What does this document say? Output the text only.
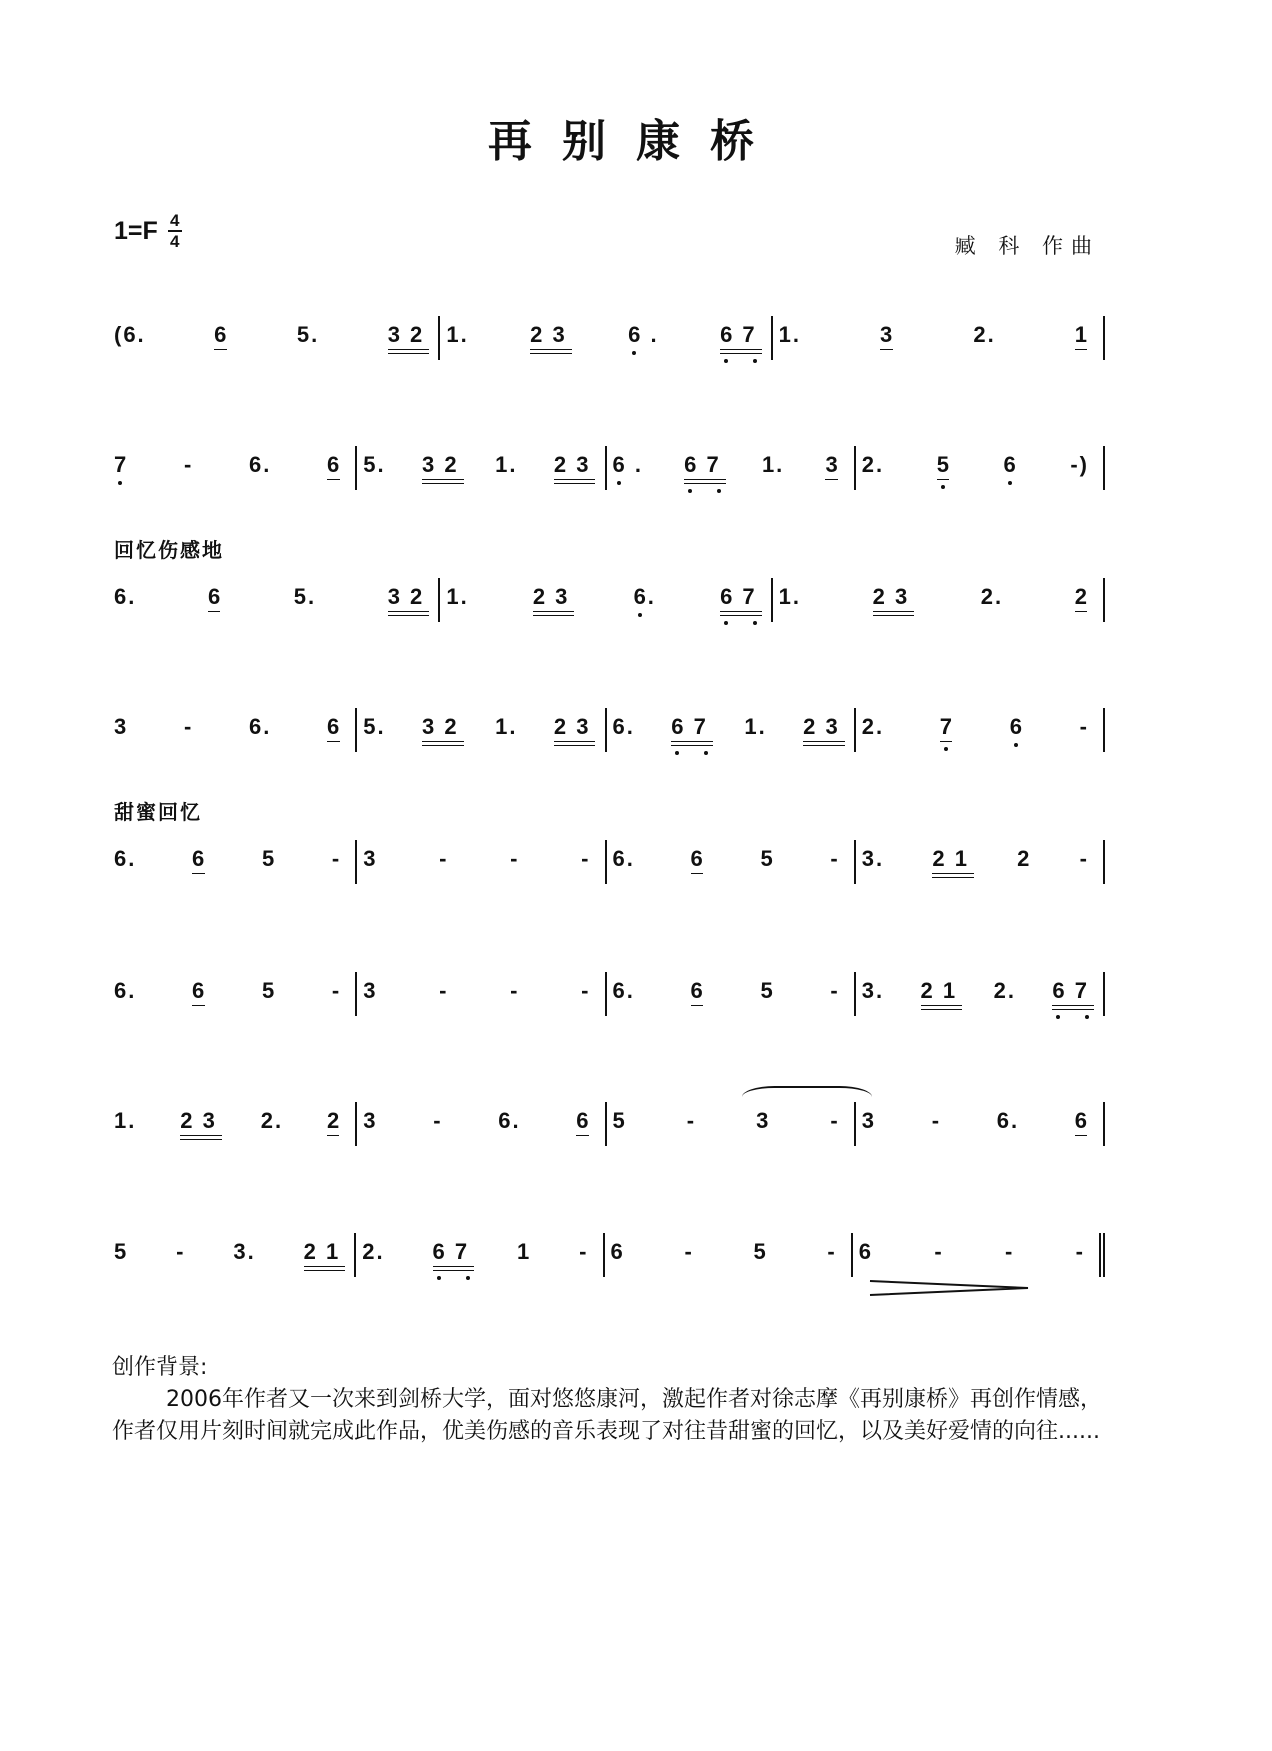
再别康桥
$1=F \frac{4}{4}$	臧 科 作曲
回忆伤感地
甜蜜回忆
(6.	6	5.	3 2 1.	2 3	6 .	6 7 1.	3	2.	1
7	-	6.	6 5. 3 2 1. 2 3 6 . 6 7 1. 3 2. 5 6 -)
6.	6	5.	3 2 1.	2 3	6.	6 7 1.	2 3	2.	2
3	-	6.	6 5. 3 2 1. 2 3 6. 6 7 1. 2 3 2.	7	6	-
6.	6	5	- 3	-	-	- 6.	6	5	- 3. 2 1 2 -
6.	6	5	- 3	-	-	- 6.	6	5	- 3. 2 1 2. 6 7
1. 2 3 2. 2 3	-	6.	6 5	-	3	- 3	-	6.	6
5 - 3. 2 1 2. 6 7 1 - 6	-	5	- 6	-	-	-
创作背景:
2006年作者又一次来到剑桥大学，面对悠悠康河，激起作者对徐志摩《再别康桥》再创作情感，作者仅用片刻时间就完成此作品，优美伤感的音乐表现了对往昔甜蜜的回忆，以及美好爱情的向往......
